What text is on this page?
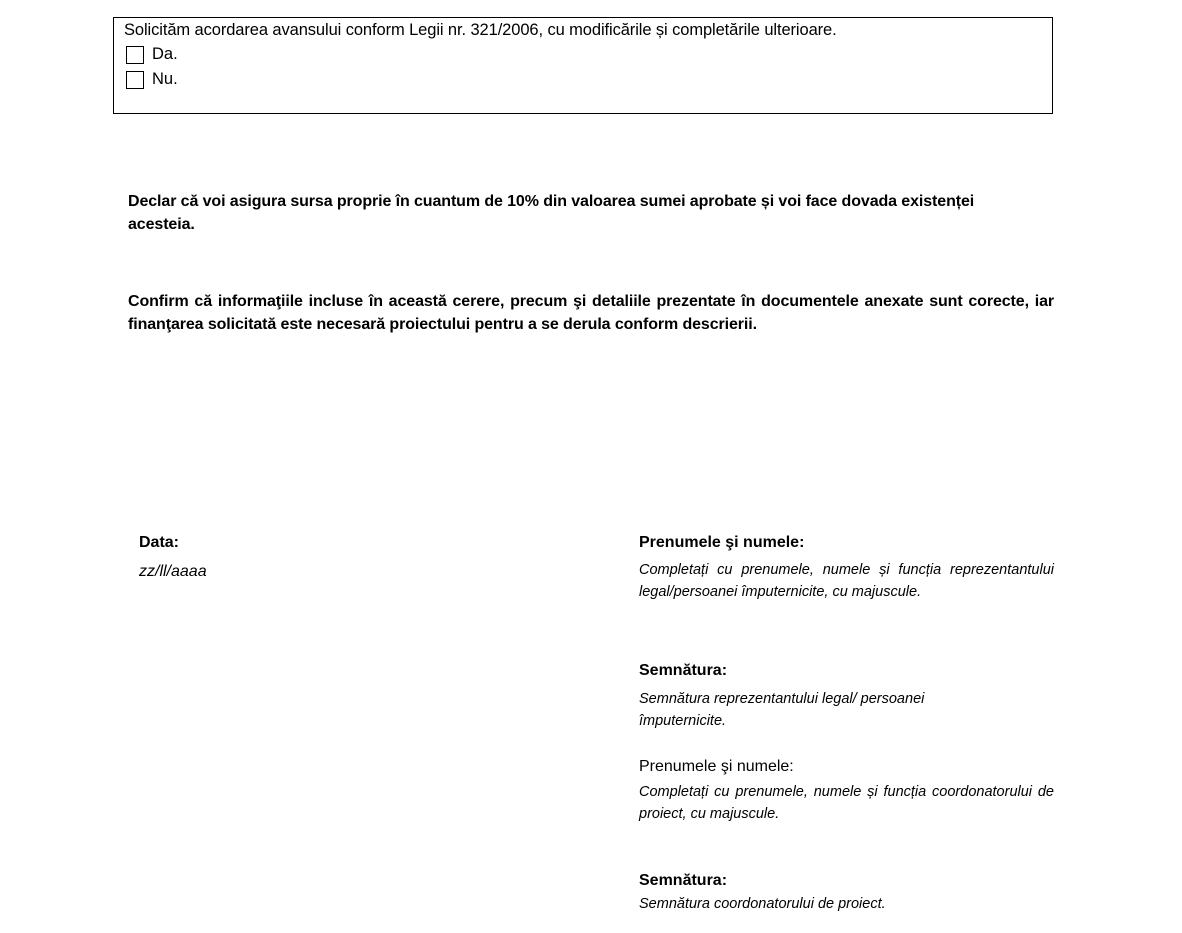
Solicităm acordarea avansului conform Legii nr. 321/2006, cu modificările și completările ulterioare.
Da.
Nu.
Declar că voi asigura sursa proprie în cuantum de 10% din valoarea sumei aprobate și voi face dovada existenței acesteia.
Confirm că informaţiile incluse în această cerere, precum şi detaliile prezentate în documentele anexate sunt corecte, iar finanţarea solicitată este necesară proiectului pentru a se derula conform descrierii.
Data:
zz/ll/aaaa
Prenumele şi numele:
Completați cu prenumele, numele și funcția reprezentantului legal/persoanei împuternicite, cu majuscule.
Semnătura:
Semnătura reprezentantului legal/ persoanei împuternicite.
Prenumele şi numele:
Completați cu prenumele, numele și funcția coordonatorului de proiect, cu majuscule.
Semnătura:
Semnătura coordonatorului de proiect.
